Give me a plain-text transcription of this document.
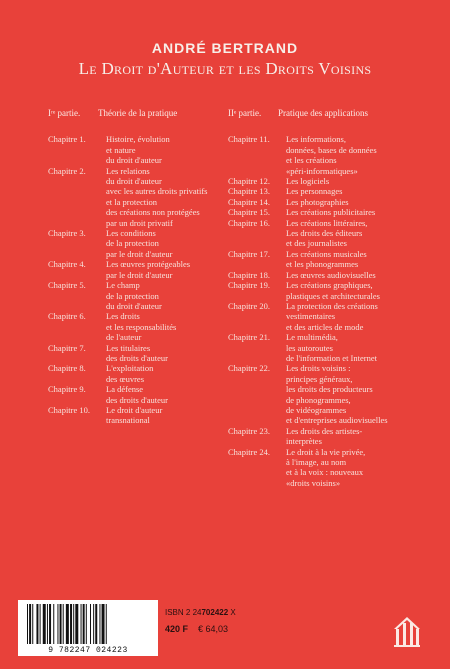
ANDRÉ BERTRAND
Le Droit d'Auteur et les Droits Voisins
Iʳᵉ partie.	Théorie de la pratique
Chapitre 1.	Histoire, évolution
et nature
du droit d'auteur
Chapitre 2.	Les relations
du droit d'auteur
avec les autres droits privatifs
et la protection
des créations non protégées
par un droit privatif
Chapitre 3.	Les conditions
de la protection
par le droit d'auteur
Chapitre 4.	Les œuvres protégeables
par le droit d'auteur
Chapitre 5.	Le champ
de la protection
du droit d'auteur
Chapitre 6.	Les droits
et les responsabilités
de l'auteur
Chapitre 7.	Les titulaires
des droits d'auteur
Chapitre 8.	L'exploitation
des œuvres
Chapitre 9.	La défense
des droits d'auteur
Chapitre 10.	Le droit d'auteur
transnational
IIᵉ partie.	Pratique des applications
Chapitre 11.	Les informations,
données, bases de données
et les créations
«péri-informatiques»
Chapitre 12.	Les logiciels
Chapitre 13.	Les personnages
Chapitre 14.	Les photographies
Chapitre 15.	Les créations publicitaires
Chapitre 16.	Les créations littéraires,
Les droits des éditeurs
et des journalistes
Chapitre 17.	Les créations musicales
et les phonogrammes
Chapitre 18.	Les œuvres audiovisuelles
Chapitre 19.	Les créations graphiques,
plastiques et architecturales
Chapitre 20.	La protection des créations
vestimentaires
et des articles de mode
Chapitre 21.	Le multimédia,
les autoroutes
de l'information et Internet
Chapitre 22.	Les droits voisins :
principes généraux,
les droits des producteurs
de phonogrammes,
de vidéogrammes
et d'entreprises audiovisuelles
Chapitre 23.	Les droits des artistes-
interprètes
Chapitre 24.	Le droit à la vie privée,
à l'image, au nom
et à la voix : nouveaux
«droits voisins»
9 782247 024223
ISBN 2 24702422 X
420 F € 64,03
